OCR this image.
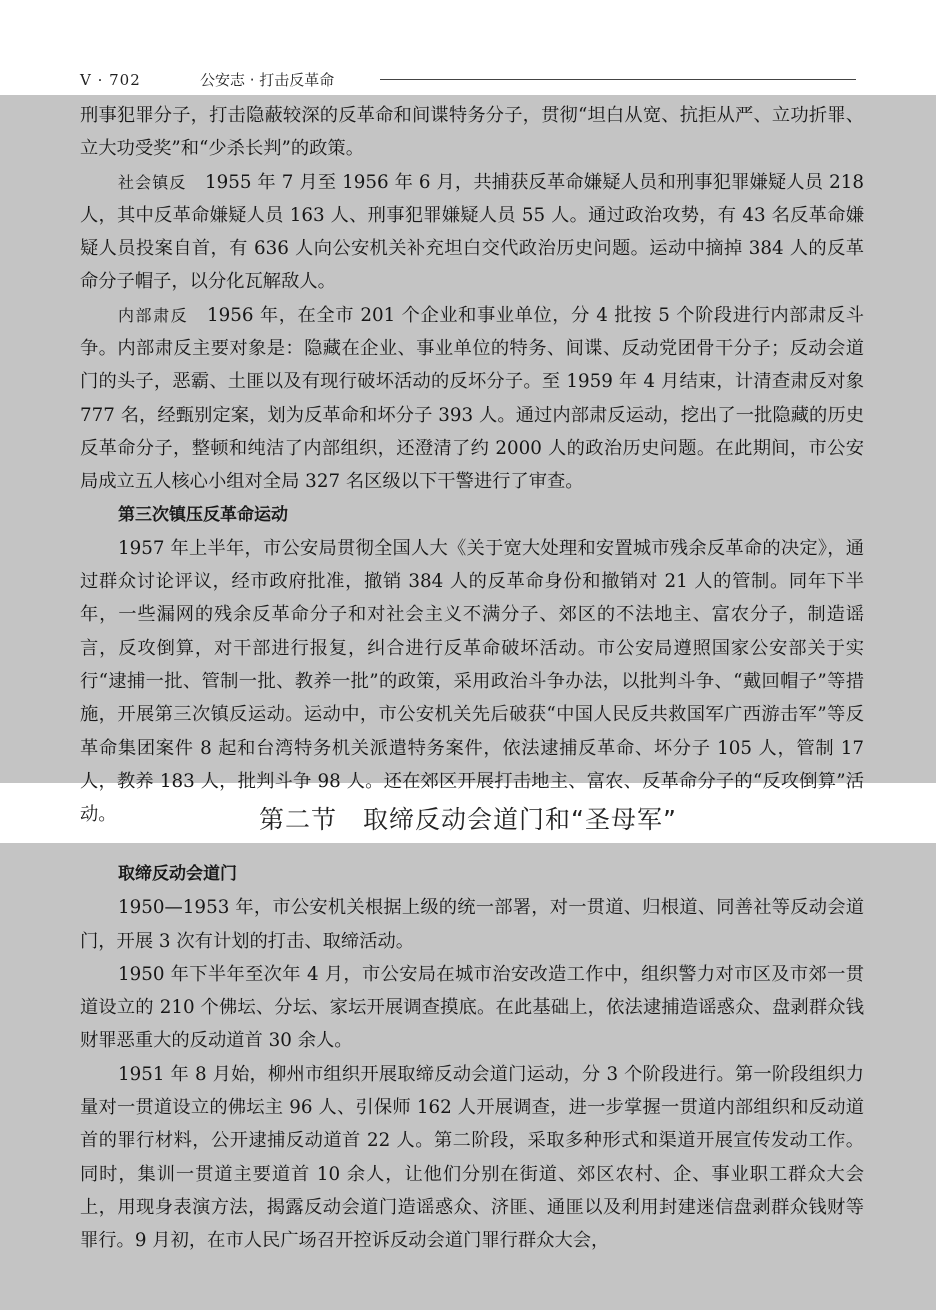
V · 702	公安志 · 打击反革命

刑事犯罪分子，打击隐蔽较深的反革命和间谍特务分子，贯彻“坦白从宽、抗拒从严、立功折罪、立大功受奖”和“少杀长判”的政策。

社会镇反　1955 年 7 月至 1956 年 6 月，共捕获反革命嫌疑人员和刑事犯罪嫌疑人员 218 人，其中反革命嫌疑人员 163 人、刑事犯罪嫌疑人员 55 人。通过政治攻势，有 43 名反革命嫌疑人员投案自首，有 636 人向公安机关补充坦白交代政治历史问题。运动中摘掉 384 人的反革命分子帽子，以分化瓦解敌人。

内部肃反　1956 年，在全市 201 个企业和事业单位，分 4 批按 5 个阶段进行内部肃反斗争。内部肃反主要对象是：隐藏在企业、事业单位的特务、间谍、反动党团骨干分子；反动会道门的头子，恶霸、土匪以及有现行破坏活动的反坏分子。至 1959 年 4 月结束，计清查肃反对象 777 名，经甄别定案，划为反革命和坏分子 393 人。通过内部肃反运动，挖出了一批隐藏的历史反革命分子，整顿和纯洁了内部组织，还澄清了约 2000 人的政治历史问题。在此期间，市公安局成立五人核心小组对全局 327 名区级以下干警进行了审查。

第三次镇压反革命运动

1957 年上半年，市公安局贯彻全国人大《关于宽大处理和安置城市残余反革命的决定》，通过群众讨论评议，经市政府批准，撤销 384 人的反革命身份和撤销对 21 人的管制。同年下半年，一些漏网的残余反革命分子和对社会主义不满分子、郊区的不法地主、富农分子，制造谣言，反攻倒算，对干部进行报复，纠合进行反革命破坏活动。市公安局遵照国家公安部关于实行“逮捕一批、管制一批、教养一批”的政策，采用政治斗争办法，以批判斗争、“戴回帽子”等措施，开展第三次镇反运动。运动中，市公安机关先后破获“中国人民反共救国军广西游击军”等反革命集团案件 8 起和台湾特务机关派遣特务案件，依法逮捕反革命、坏分子 105 人，管制 17 人，教养 183 人，批判斗争 98 人。还在郊区开展打击地主、富农、反革命分子的“反攻倒算”活动。	第二节　取缔反动会道门和“圣母军”

取缔反动会道门

1950—1953 年，市公安机关根据上级的统一部署，对一贯道、归根道、同善社等反动会道门，开展 3 次有计划的打击、取缔活动。

1950 年下半年至次年 4 月，市公安局在城市治安改造工作中，组织警力对市区及市郊一贯道设立的 210 个佛坛、分坛、家坛开展调查摸底。在此基础上，依法逮捕造谣惑众、盘剥群众钱财罪恶重大的反动道首 30 余人。

1951 年 8 月始，柳州市组织开展取缔反动会道门运动，分 3 个阶段进行。第一阶段组织力量对一贯道设立的佛坛主 96 人、引保师 162 人开展调查，进一步掌握一贯道内部组织和反动道首的罪行材料，公开逮捕反动道首 22 人。第二阶段，采取多种形式和渠道开展宣传发动工作。同时，集训一贯道主要道首 10 余人，让他们分别在街道、郊区农村、企、事业职工群众大会上，用现身表演方法，揭露反动会道门造谣惑众、济匪、通匪以及利用封建迷信盘剥群众钱财等罪行。9 月初，在市人民广场召开控诉反动会道门罪行群众大会，
